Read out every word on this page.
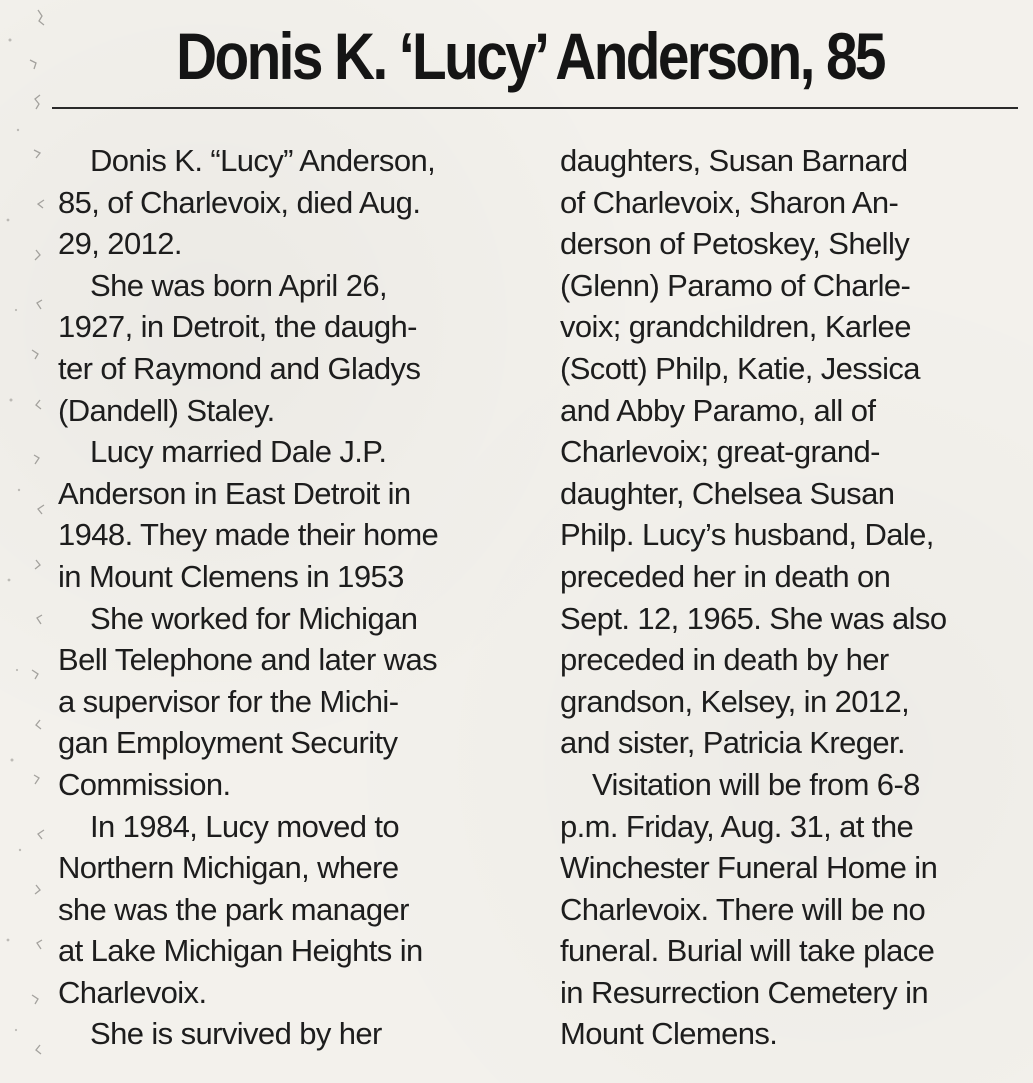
Donis K. ‘Lucy’ Anderson, 85
Donis K. “Lucy” Anderson,
85, of Charlevoix, died Aug.
29, 2012.
She was born April 26,
1927, in Detroit, the daugh-
ter of Raymond and Gladys
(Dandell) Staley.
Lucy married Dale J.P.
Anderson in East Detroit in
1948. They made their home
in Mount Clemens in 1953
She worked for Michigan
Bell Telephone and later was
a supervisor for the Michi-
gan Employment Security
Commission.
In 1984, Lucy moved to
Northern Michigan, where
she was the park manager
at Lake Michigan Heights in
Charlevoix.
She is survived by her
daughters, Susan Barnard
of Charlevoix, Sharon An-
derson of Petoskey, Shelly
(Glenn) Paramo of Charle-
voix; grandchildren, Karlee
(Scott) Philp, Katie, Jessica
and Abby Paramo, all of
Charlevoix; great-grand-
daughter, Chelsea Susan
Philp. Lucy’s husband, Dale,
preceded her in death on
Sept. 12, 1965. She was also
preceded in death by her
grandson, Kelsey, in 2012,
and sister, Patricia Kreger.
Visitation will be from 6-8
p.m. Friday, Aug. 31, at the
Winchester Funeral Home in
Charlevoix. There will be no
funeral. Burial will take place
in Resurrection Cemetery in
Mount Clemens.
